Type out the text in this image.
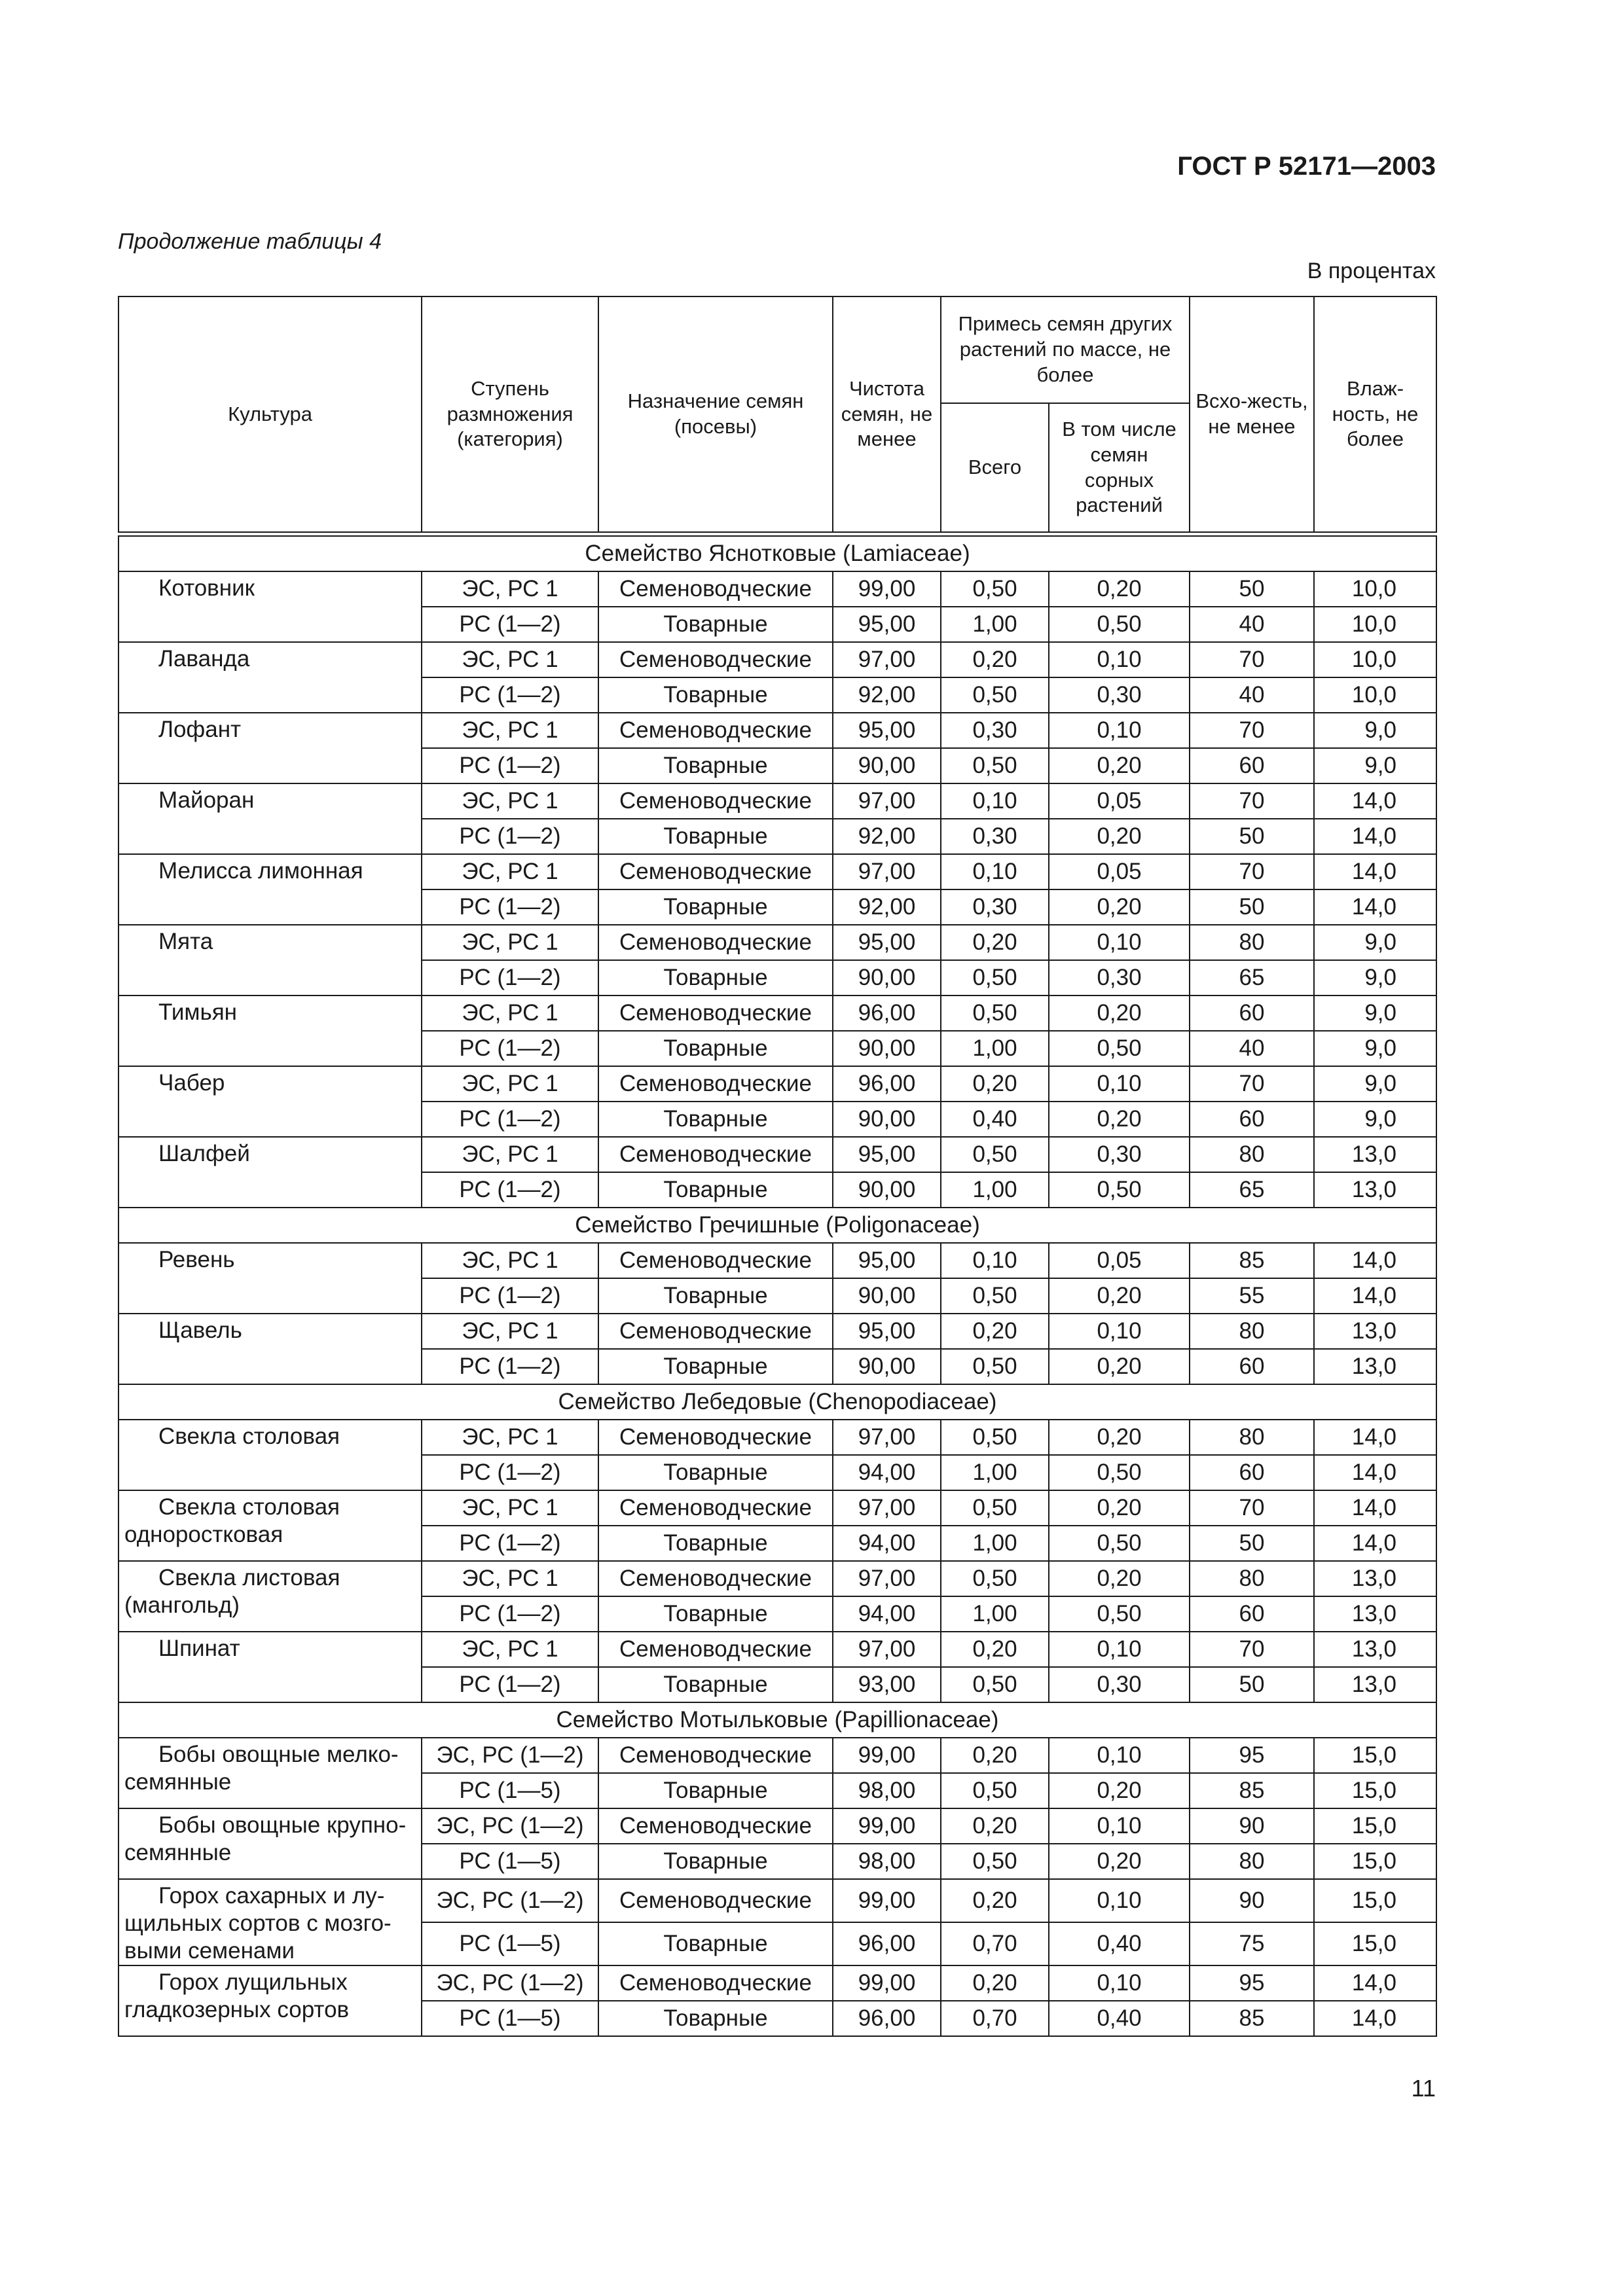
ГОСТ Р 52171—2003
Продолжение таблицы 4
В процентах
Культура	Ступень размножения (категория)	Назначение семян (посевы)	Чистота семян, не менее	Примесь семян других растений по массе, не более		Всхо-жесть, не менее	Влаж-ность, не более
				Всего	В том числе семян сорных растений		

Семейство Яснотковые (Lamiaceae)							
Котовник	ЭС, РС 1	Семеноводческие	99,00	0,50	0,20	50	10,0
	РС (1—2)	Товарные	95,00	1,00	0,50	40	10,0
Лаванда	ЭС, РС 1	Семеноводческие	97,00	0,20	0,10	70	10,0
	РС (1—2)	Товарные	92,00	0,50	0,30	40	10,0
Лофант	ЭС, РС 1	Семеноводческие	95,00	0,30	0,10	70	9,0
	РС (1—2)	Товарные	90,00	0,50	0,20	60	9,0
Майоран	ЭС, РС 1	Семеноводческие	97,00	0,10	0,05	70	14,0
	РС (1—2)	Товарные	92,00	0,30	0,20	50	14,0
Мелисса лимонная	ЭС, РС 1	Семеноводческие	97,00	0,10	0,05	70	14,0
	РС (1—2)	Товарные	92,00	0,30	0,20	50	14,0
Мята	ЭС, РС 1	Семеноводческие	95,00	0,20	0,10	80	9,0
	РС (1—2)	Товарные	90,00	0,50	0,30	65	9,0
Тимьян	ЭС, РС 1	Семеноводческие	96,00	0,50	0,20	60	9,0
	РС (1—2)	Товарные	90,00	1,00	0,50	40	9,0
Чабер	ЭС, РС 1	Семеноводческие	96,00	0,20	0,10	70	9,0
	РС (1—2)	Товарные	90,00	0,40	0,20	60	9,0
Шалфей	ЭС, РС 1	Семеноводческие	95,00	0,50	0,30	80	13,0
	РС (1—2)	Товарные	90,00	1,00	0,50	65	13,0
Семейство Гречишные (Poligonaceae)							
Ревень	ЭС, РС 1	Семеноводческие	95,00	0,10	0,05	85	14,0
	РС (1—2)	Товарные	90,00	0,50	0,20	55	14,0
Щавель	ЭС, РС 1	Семеноводческие	95,00	0,20	0,10	80	13,0
	РС (1—2)	Товарные	90,00	0,50	0,20	60	13,0
Семейство Лебедовые (Chenopodiaceae)							
Свекла столовая	ЭС, РС 1	Семеноводческие	97,00	0,50	0,20	80	14,0
	РС (1—2)	Товарные	94,00	1,00	0,50	60	14,0
Свекла столовая одноростковая	ЭС, РС 1	Семеноводческие	97,00	0,50	0,20	70	14,0
	РС (1—2)	Товарные	94,00	1,00	0,50	50	14,0
Свекла листовая (мангольд)	ЭС, РС 1	Семеноводческие	97,00	0,50	0,20	80	13,0
	РС (1—2)	Товарные	94,00	1,00	0,50	60	13,0
Шпинат	ЭС, РС 1	Семеноводческие	97,00	0,20	0,10	70	13,0
	РС (1—2)	Товарные	93,00	0,50	0,30	50	13,0
Семейство Мотыльковые (Papillionaceae)							
Бобы овощные мелко-семянные	ЭС, РС (1—2)	Семеноводческие	99,00	0,20	0,10	95	15,0
	РС (1—5)	Товарные	98,00	0,50	0,20	85	15,0
Бобы овощные крупно-семянные	ЭС, РС (1—2)	Семеноводческие	99,00	0,20	0,10	90	15,0
	РС (1—5)	Товарные	98,00	0,50	0,20	80	15,0
Горох сахарных и лу-щильных сортов с мозго-выми семенами	ЭС, РС (1—2)	Семеноводческие	99,00	0,20	0,10	90	15,0
	РС (1—5)	Товарные	96,00	0,70	0,40	75	15,0
Горох лущильных гладкозерных сортов	ЭС, РС (1—2)	Семеноводческие	99,00	0,20	0,10	95	14,0
	РС (1—5)	Товарные	96,00	0,70	0,40	85	14,0
11
